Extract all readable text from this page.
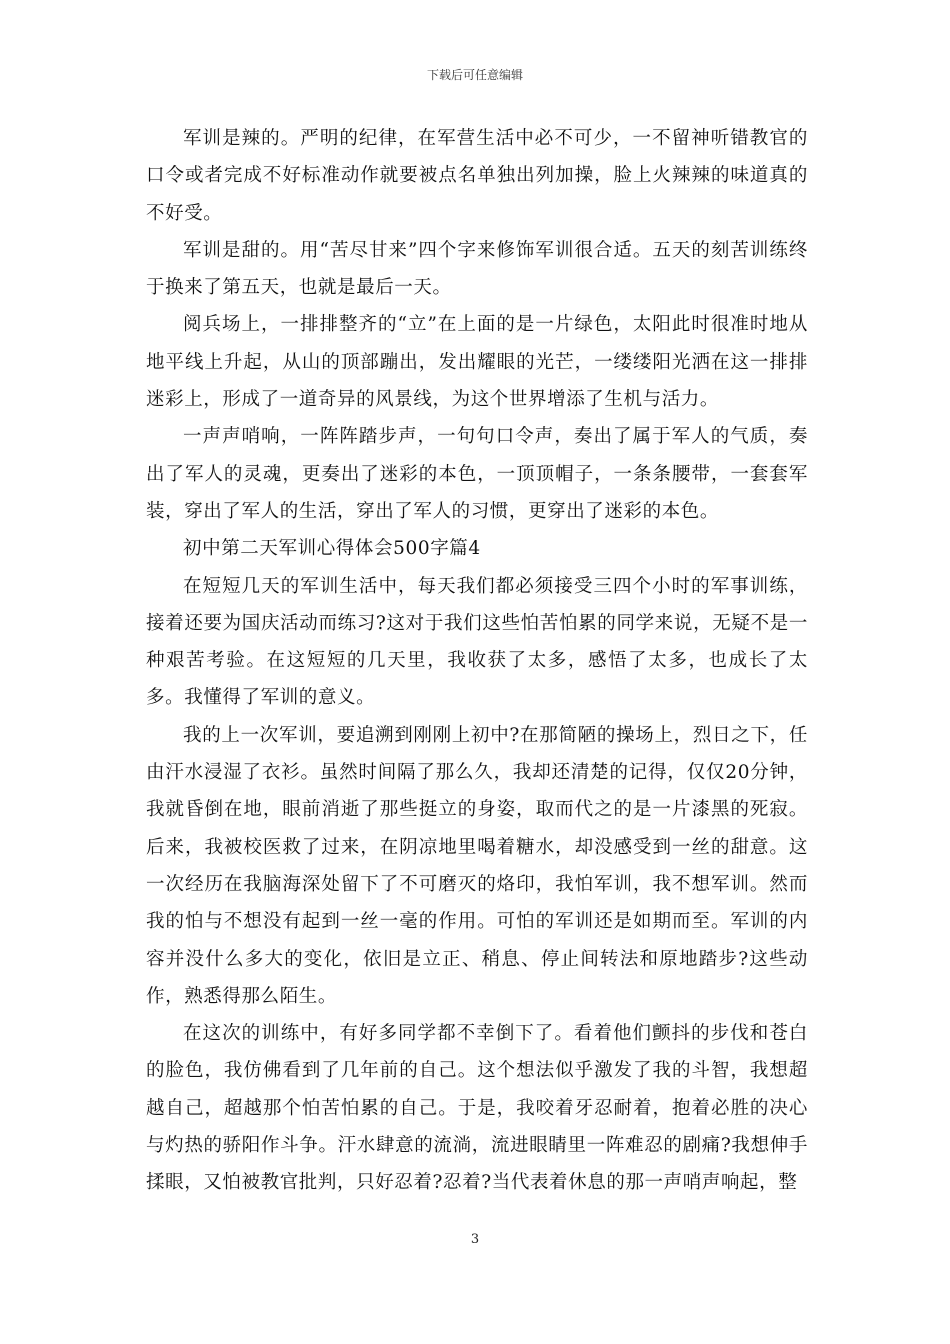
下载后可任意编辑

军训是辣的。严明的纪律，在军营生活中必不可少，一不留神听错教官的口令或者完成不好标准动作就要被点名单独出列加操，脸上火辣辣的味道真的不好受。

军训是甜的。用“苦尽甘来”四个字来修饰军训很合适。五天的刻苦训练终于换来了第五天，也就是最后一天。

阅兵场上，一排排整齐的“立”在上面的是一片绿色，太阳此时很准时地从地平线上升起，从山的顶部蹦出，发出耀眼的光芒，一缕缕阳光洒在这一排排迷彩上，形成了一道奇异的风景线，为这个世界增添了生机与活力。

一声声哨响，一阵阵踏步声，一句句口令声，奏出了属于军人的气质，奏出了军人的灵魂，更奏出了迷彩的本色，一顶顶帽子，一条条腰带，一套套军装，穿出了军人的生活，穿出了军人的习惯，更穿出了迷彩的本色。

初中第二天军训心得体会500字篇4

在短短几天的军训生活中，每天我们都必须接受三四个小时的军事训练，接着还要为国庆活动而练习?这对于我们这些怕苦怕累的同学来说，无疑不是一种艰苦考验。在这短短的几天里，我收获了太多，感悟了太多，也成长了太多。我懂得了军训的意义。

我的上一次军训，要追溯到刚刚上初中?在那简陋的操场上，烈日之下，任由汗水浸湿了衣衫。虽然时间隔了那么久，我却还清楚的记得，仅仅20分钟，我就昏倒在地，眼前消逝了那些挺立的身姿，取而代之的是一片漆黑的死寂。后来，我被校医救了过来，在阴凉地里喝着糖水，却没感受到一丝的甜意。这一次经历在我脑海深处留下了不可磨灭的烙印，我怕军训，我不想军训。然而我的怕与不想没有起到一丝一毫的作用。可怕的军训还是如期而至。军训的内容并没什么多大的变化，依旧是立正、稍息、停止间转法和原地踏步?这些动作，熟悉得那么陌生。

在这次的训练中，有好多同学都不幸倒下了。看着他们颤抖的步伐和苍白的脸色，我仿佛看到了几年前的自己。这个想法似乎激发了我的斗智，我想超越自己，超越那个怕苦怕累的自己。于是，我咬着牙忍耐着，抱着必胜的决心与灼热的骄阳作斗争。汗水肆意的流淌，流进眼睛里一阵难忍的剧痛?我想伸手揉眼，又怕被教官批判，只好忍着?忍着?当代表着休息的那一声哨声响起，整

3
